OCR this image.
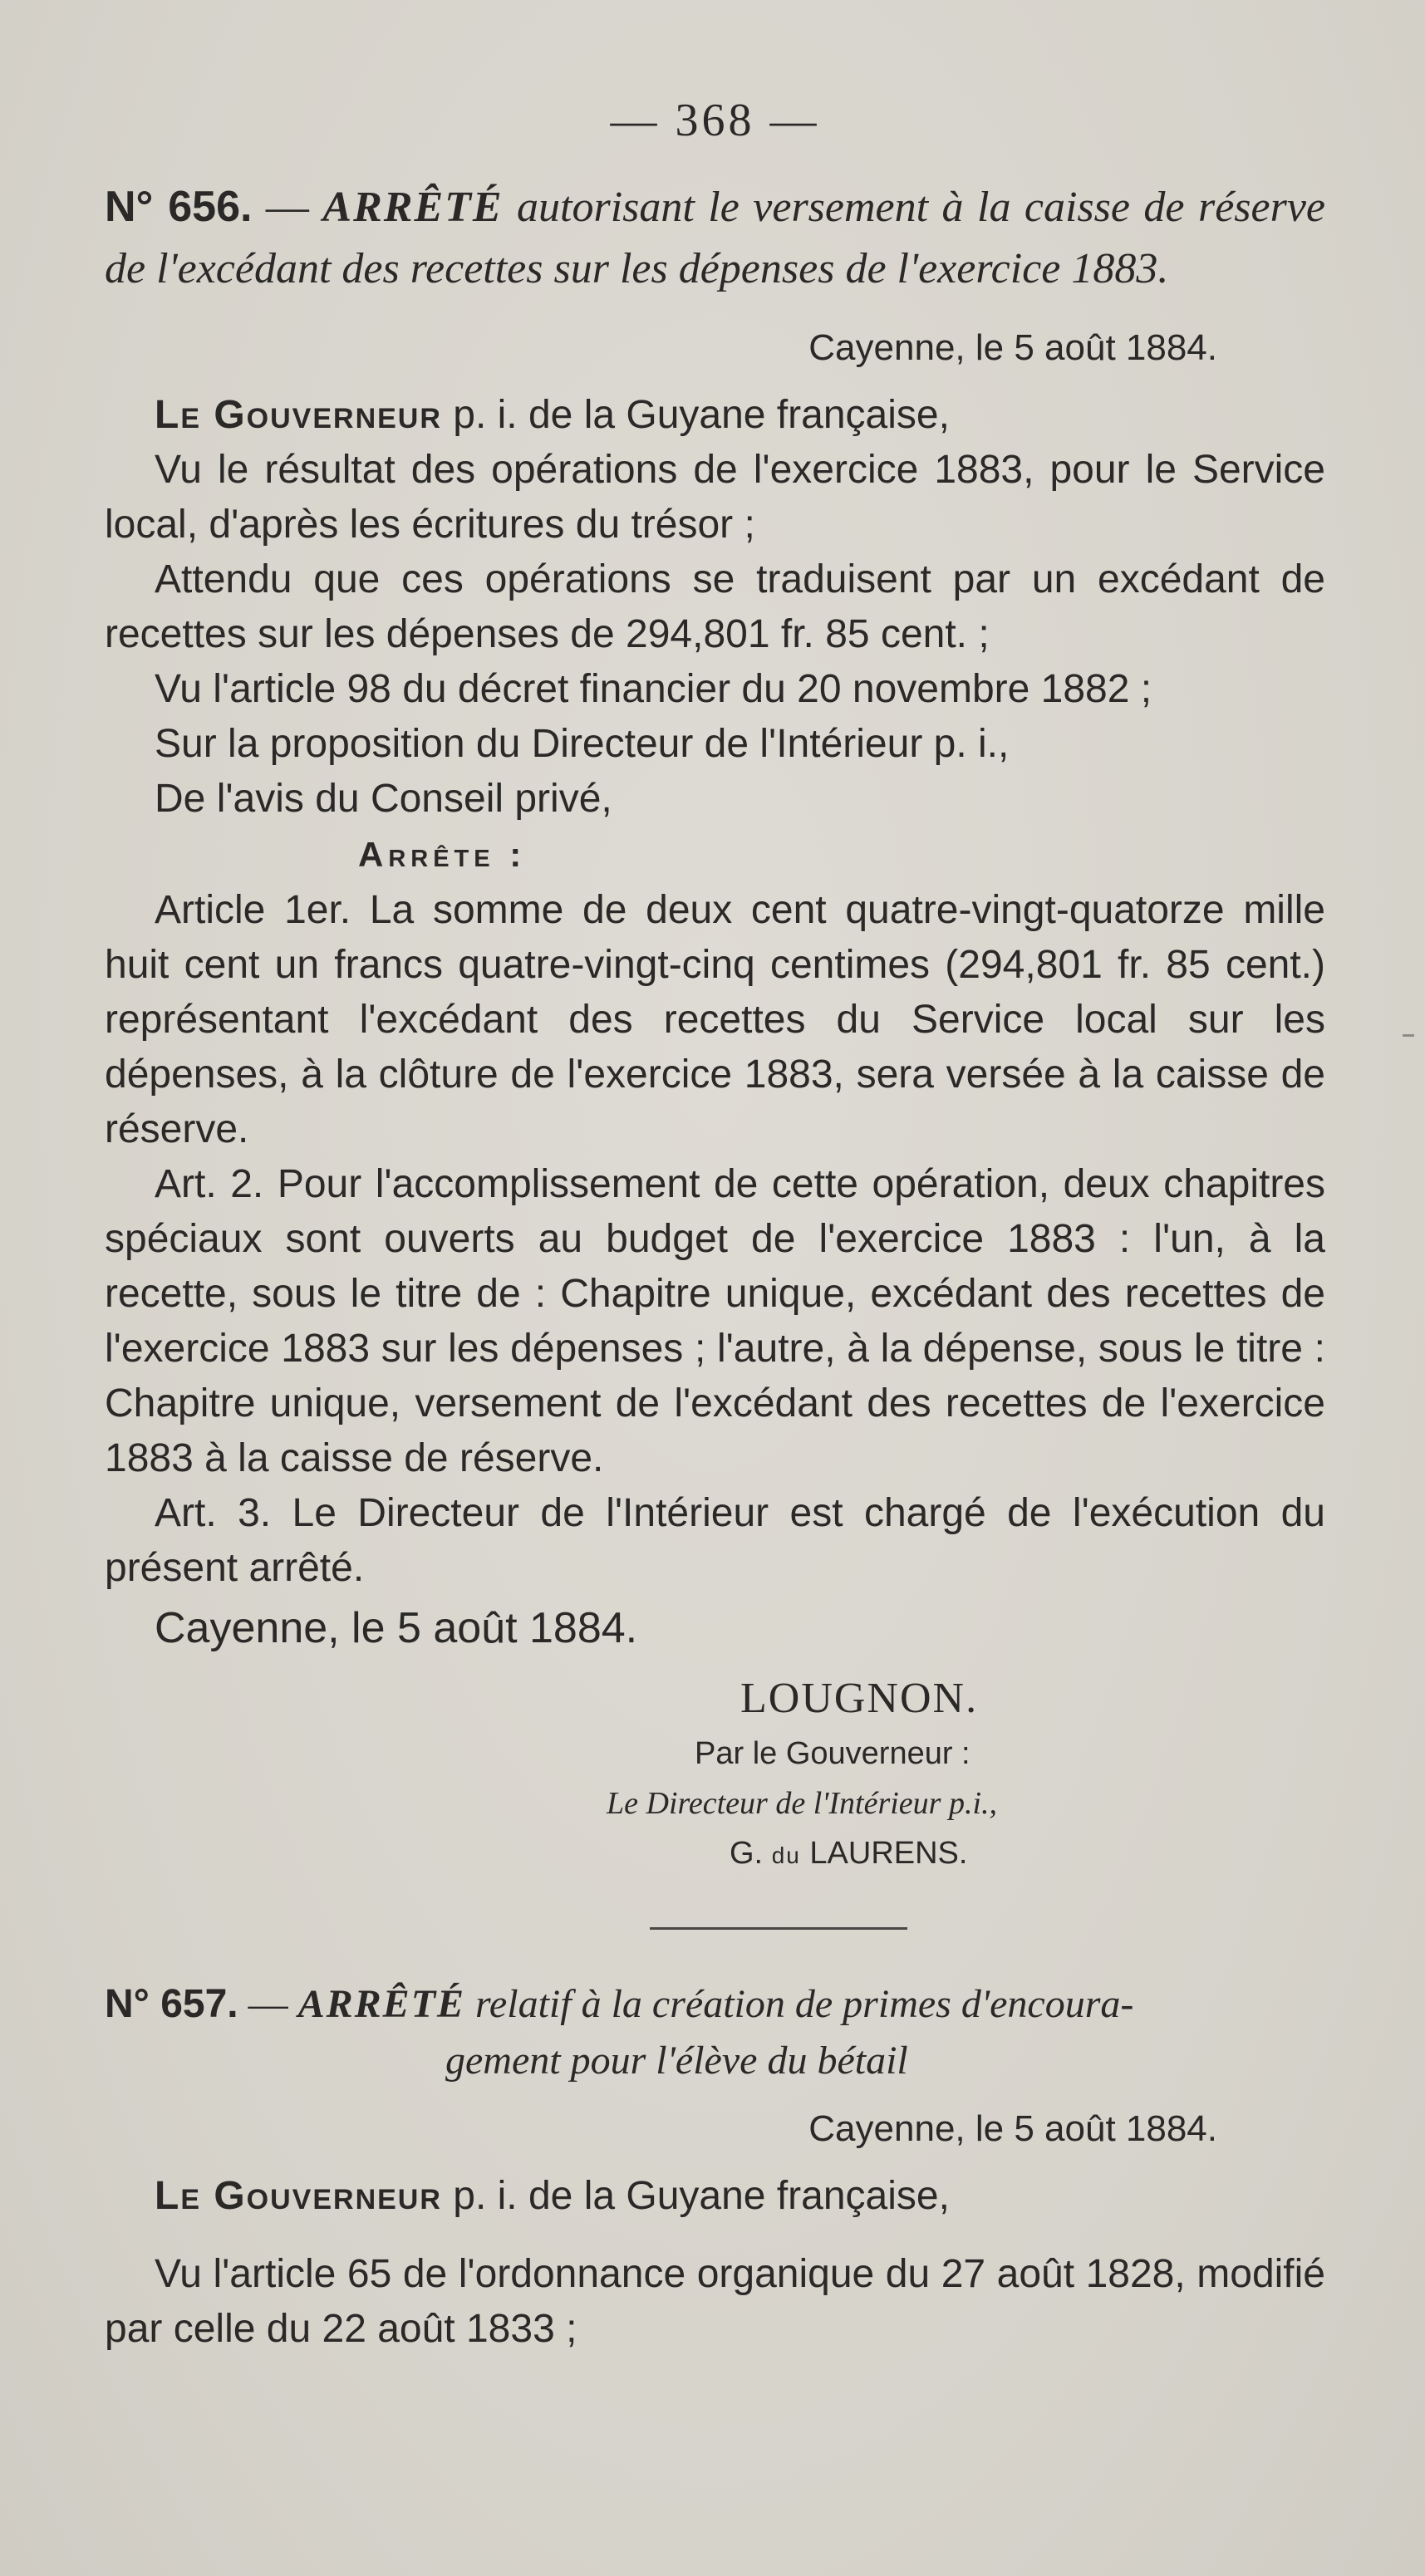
— 368 —
N° 656. — ARRÊTÉ autorisant le versement à la caisse de réserve de l'excédant des recettes sur les dépenses de l'exercice 1883.
Cayenne, le 5 août 1884.

Le Gouverneur p. i. de la Guyane française,

Vu le résultat des opérations de l'exercice 1883, pour le Service local, d'après les écritures du trésor ;

Attendu que ces opérations se traduisent par un excédant de recettes sur les dépenses de 294,801 fr. 85 cent. ;

Vu l'article 98 du décret financier du 20 novembre 1882 ;

Sur la proposition du Directeur de l'Intérieur p. i.,

De l'avis du Conseil privé,

Arrête :

Article 1er. La somme de deux cent quatre-vingt-quatorze mille huit cent un francs quatre-vingt-cinq centimes (294,801 fr. 85 cent.) représentant l'excédant des recettes du Service local sur les dépenses, à la clôture de l'exercice 1883, sera versée à la caisse de réserve.

Art. 2. Pour l'accomplissement de cette opération, deux chapitres spéciaux sont ouverts au budget de l'exercice 1883 : l'un, à la recette, sous le titre de : Chapitre unique, excédant des recettes de l'exercice 1883 sur les dépenses ; l'autre, à la dépense, sous le titre : Chapitre unique, versement de l'excédant des recettes de l'exercice 1883 à la caisse de réserve.

Art. 3. Le Directeur de l'Intérieur est chargé de l'exécution du présent arrêté.

Cayenne, le 5 août 1884.

LOUGNON.
Par le Gouverneur :
Le Directeur de l'Intérieur p.i.,
G. du LAURENS.
N° 657. — ARRÊTÉ relatif à la création de primes d'encoura-
gement pour l'élève du bétail
Cayenne, le 5 août 1884.

Le Gouverneur p. i. de la Guyane française,

Vu l'article 65 de l'ordonnance organique du 27 août 1828, modifié par celle du 22 août 1833 ;
